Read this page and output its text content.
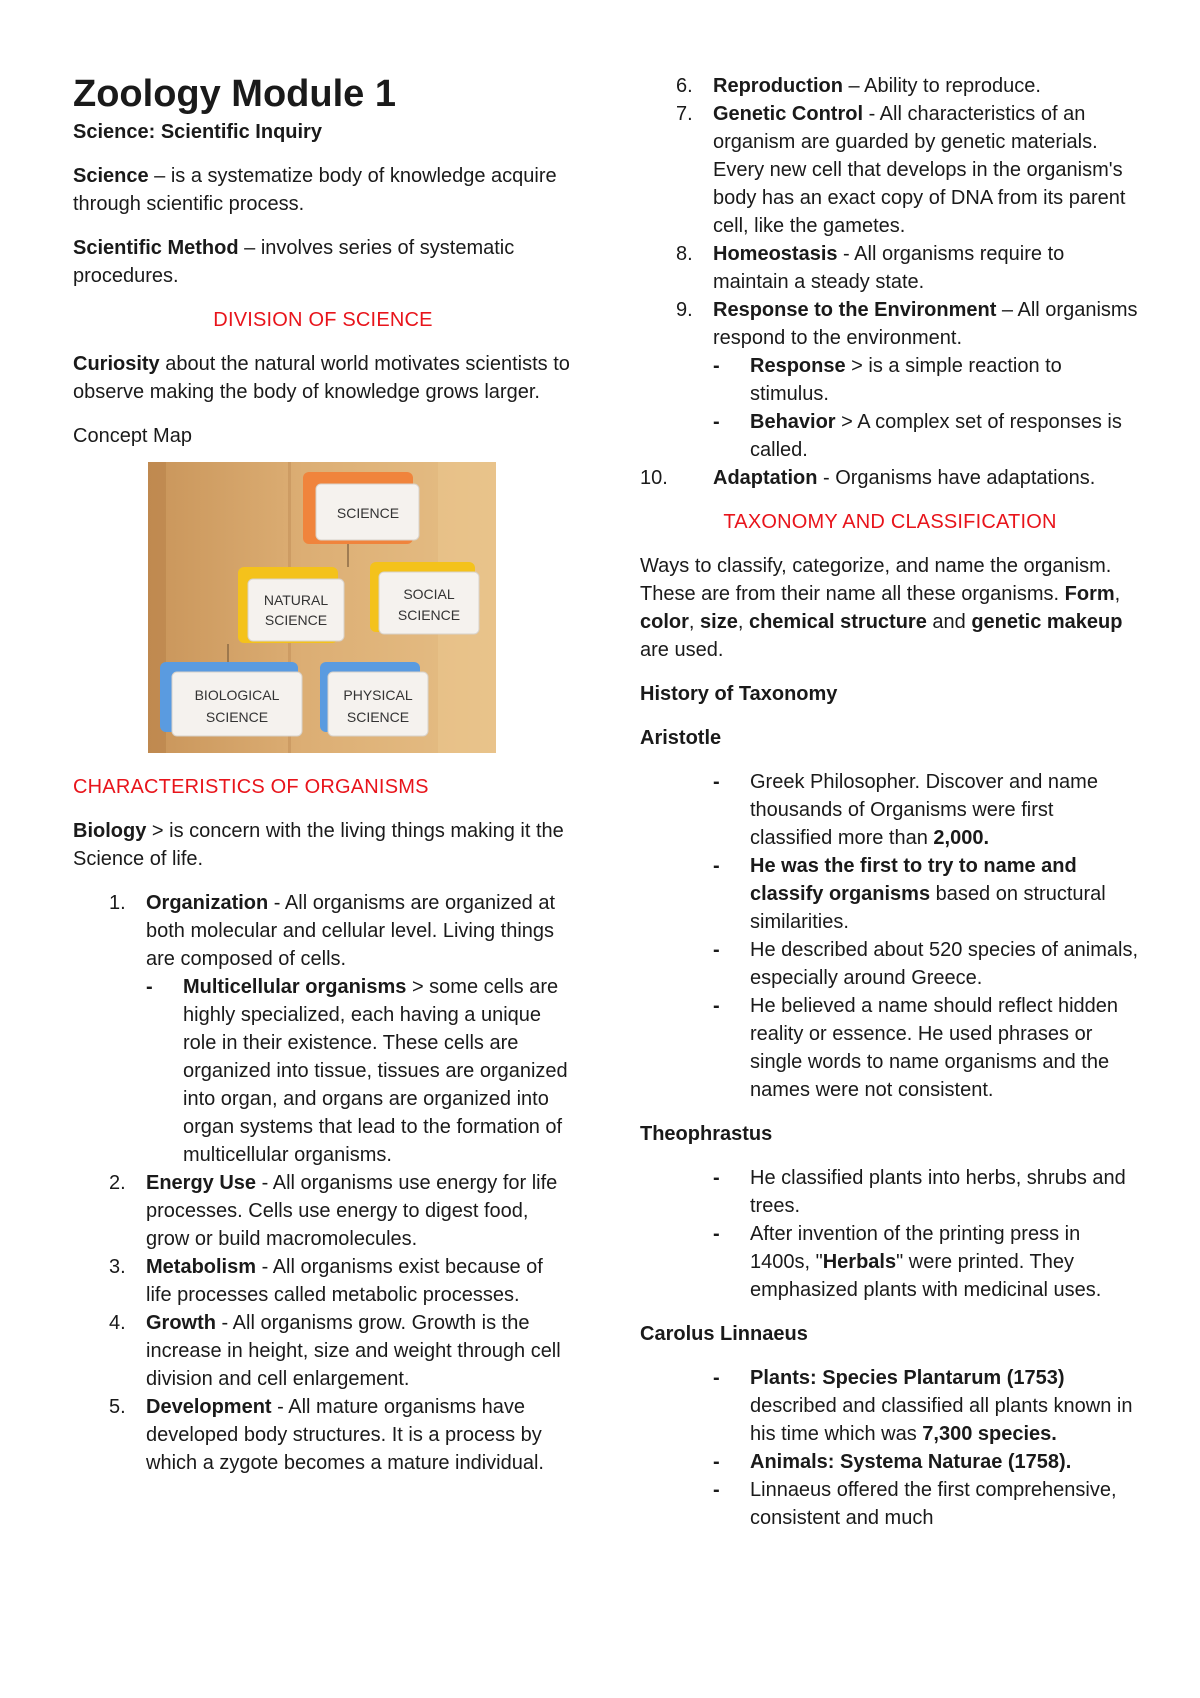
Zoology Module 1
Science: Scientific Inquiry

Science – is a systematize body of knowledge acquire through scientific process.

Scientific Method – involves series of systematic procedures.

DIVISION OF SCIENCE

Curiosity about the natural world motivates scientists to observe making the body of knowledge grows larger.

Concept Map

SCIENCE
NATURAL
SCIENCE
SOCIAL
SCIENCE
BIOLOGICAL
SCIENCE
PHYSICAL
SCIENCE
CHARACTERISTICS OF ORGANISMS

Biology > is concern with the living things making it the Science of life.

1.	Organization - All organisms are organized at both molecular and cellular level. Living things are composed of cells.
- Multicellular organisms > some cells are highly specialized, each having a unique role in their existence. These cells are organized into tissue, tissues are organized into organ, and organs are organized into organ systems that lead to the formation of multicellular organisms.
2.	Energy Use - All organisms use energy for life processes. Cells use energy to digest food, grow or build macromolecules.
3.	Metabolism - All organisms exist because of life processes called metabolic processes.
4.	Growth - All organisms grow. Growth is the increase in height, size and weight through cell division and cell enlargement.
5.	Development - All mature organisms have developed body structures. It is a process by which a zygote becomes a mature individual.
6.	Reproduction – Ability to reproduce.
7.	Genetic Control - All characteristics of an organism are guarded by genetic materials. Every new cell that develops in the organism's body has an exact copy of DNA from its parent cell, like the gametes.
8.	Homeostasis - All organisms require to maintain a steady state.
9.	Response to the Environment – All organisms respond to the environment.
- Response > is a simple reaction to stimulus.
- Behavior > A complex set of responses is called.
10.	Adaptation - Organisms have adaptations.
TAXONOMY AND CLASSIFICATION

Ways to classify, categorize, and name the organism. These are from their name all these organisms. Form, color, size, chemical structure and genetic makeup are used.

History of Taxonomy
Aristotle
- Greek Philosopher. Discover and name thousands of Organisms were first classified more than 2,000.
- He was the first to try to name and classify organisms based on structural similarities.
- He described about 520 species of animals, especially around Greece.
- He believed a name should reflect hidden reality or essence. He used phrases or single words to name organisms and the names were not consistent.
Theophrastus
- He classified plants into herbs, shrubs and trees.
- After invention of the printing press in 1400s, "Herbals" were printed. They emphasized plants with medicinal uses.
Carolus Linnaeus
- Plants: Species Plantarum (1753) described and classified all plants known in his time which was 7,300 species.
- Animals: Systema Naturae (1758).
- Linnaeus offered the first comprehensive, consistent and much
